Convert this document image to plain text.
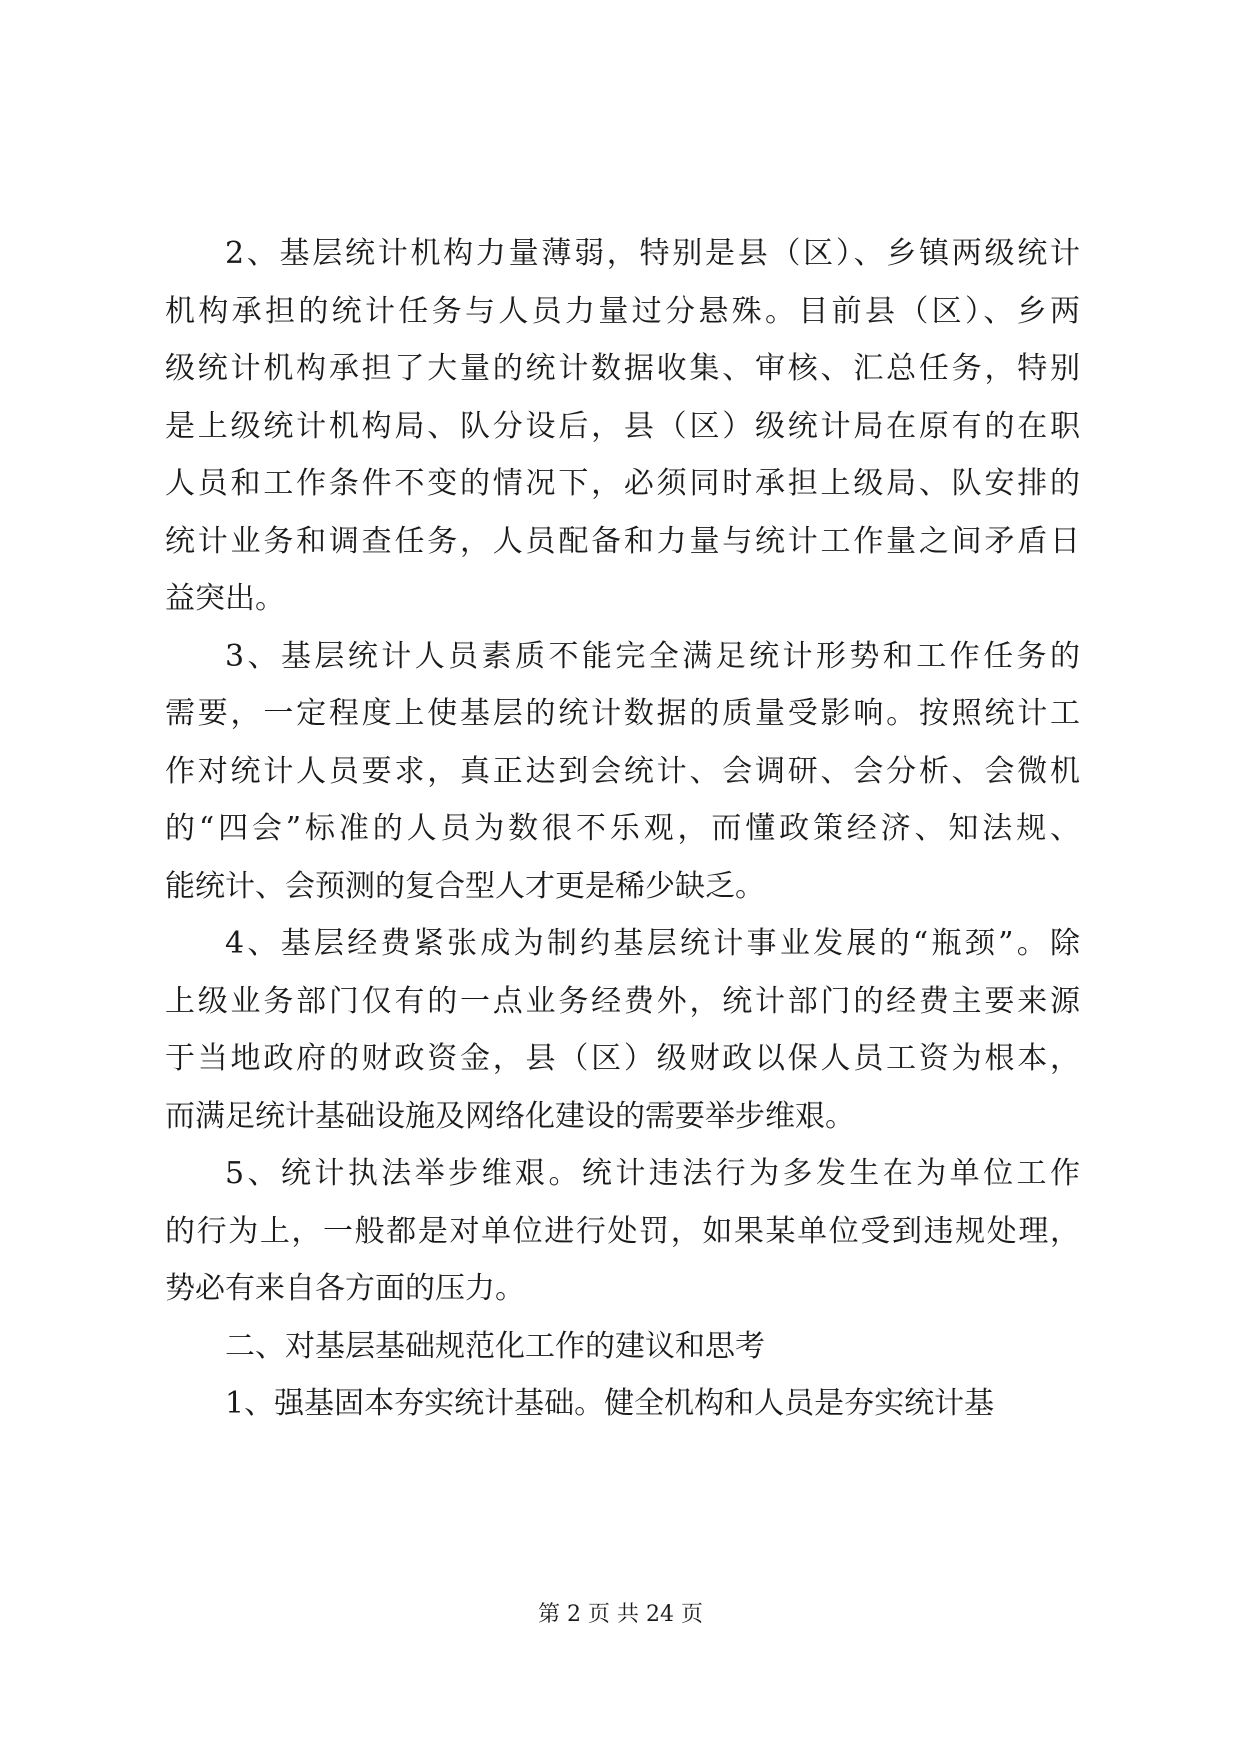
2、基层统计机构力量薄弱，特别是县（区）、乡镇两级统计
机构承担的统计任务与人员力量过分悬殊。目前县（区）、乡两
级统计机构承担了大量的统计数据收集、审核、汇总任务，特别
是上级统计机构局、队分设后，县（区）级统计局在原有的在职
人员和工作条件不变的情况下，必须同时承担上级局、队安排的
统计业务和调查任务，人员配备和力量与统计工作量之间矛盾日
益突出。

3、基层统计人员素质不能完全满足统计形势和工作任务的
需要，一定程度上使基层的统计数据的质量受影响。按照统计工
作对统计人员要求，真正达到会统计、会调研、会分析、会微机
的“四会”标准的人员为数很不乐观，而懂政策经济、知法规、
能统计、会预测的复合型人才更是稀少缺乏。

4、基层经费紧张成为制约基层统计事业发展的“瓶颈”。除
上级业务部门仅有的一点业务经费外，统计部门的经费主要来源
于当地政府的财政资金，县（区）级财政以保人员工资为根本，
而满足统计基础设施及网络化建设的需要举步维艰。

5、统计执法举步维艰。统计违法行为多发生在为单位工作
的行为上，一般都是对单位进行处罚，如果某单位受到违规处理，
势必有来自各方面的压力。

二、对基层基础规范化工作的建议和思考

1、强基固本夯实统计基础。健全机构和人员是夯实统计基

第 2 页 共 24 页
